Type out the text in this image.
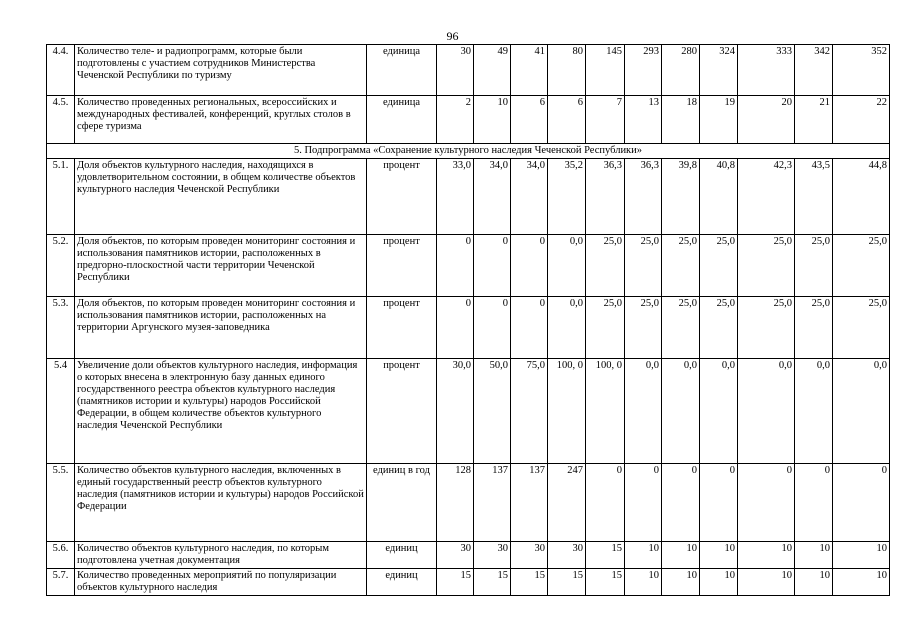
96
4.4.	Количество теле- и радиопрограмм, которые были подготовлены с участием сотрудников Министерства Чеченской Республики по туризму	единица	30	49	41	80	145	293	280	324	333	342	352
4.5.	Количество проведенных региональных, всероссийских и международных фестивалей, конференций, круглых столов в сфере туризма	единица	2	10	6	6	7	13	18	19	20	21	22
5. Подпрограмма «Сохранение культурного наследия Чеченской Республики»													
5.1.	Доля объектов культурного наследия, находящихся в удовлетворительном состоянии, в общем количестве объектов культурного наследия Чеченской Республики	процент	33,0	34,0	34,0	35,2	36,3	36,3	39,8	40,8	42,3	43,5	44,8
5.2.	Доля объектов, по которым проведен мониторинг состояния и использования памятников истории, расположенных в предгорно-плоскостной части территории Чеченской Республики	процент	0	0	0	0,0	25,0	25,0	25,0	25,0	25,0	25,0	25,0
5.3.	Доля объектов, по которым проведен мониторинг состояния и использования памятников истории, расположенных на территории Аргунского музея-заповедника	процент	0	0	0	0,0	25,0	25,0	25,0	25,0	25,0	25,0	25,0
5.4	Увеличение доли объектов культурного наследия, информация о которых внесена в электронную базу данных единого государственного реестра объектов культурного наследия (памятников истории и культуры) народов Российской Федерации, в общем количестве объектов культурного наследия Чеченской Республики	процент	30,0	50,0	75,0	100, 0	100, 0	0,0	0,0	0,0	0,0	0,0	0,0
5.5.	Количество объектов культурного наследия, включенных в единый государственный реестр объектов культурного наследия (памятников истории и культуры) народов Российской Федерации	единиц в год	128	137	137	247	0	0	0	0	0	0	0
5.6.	Количество объектов культурного наследия, по которым подготовлена учетная документация	единиц	30	30	30	30	15	10	10	10	10	10	10
5.7.	Количество проведенных мероприятий по популяризации объектов культурного наследия	единиц	15	15	15	15	15	10	10	10	10	10	10
